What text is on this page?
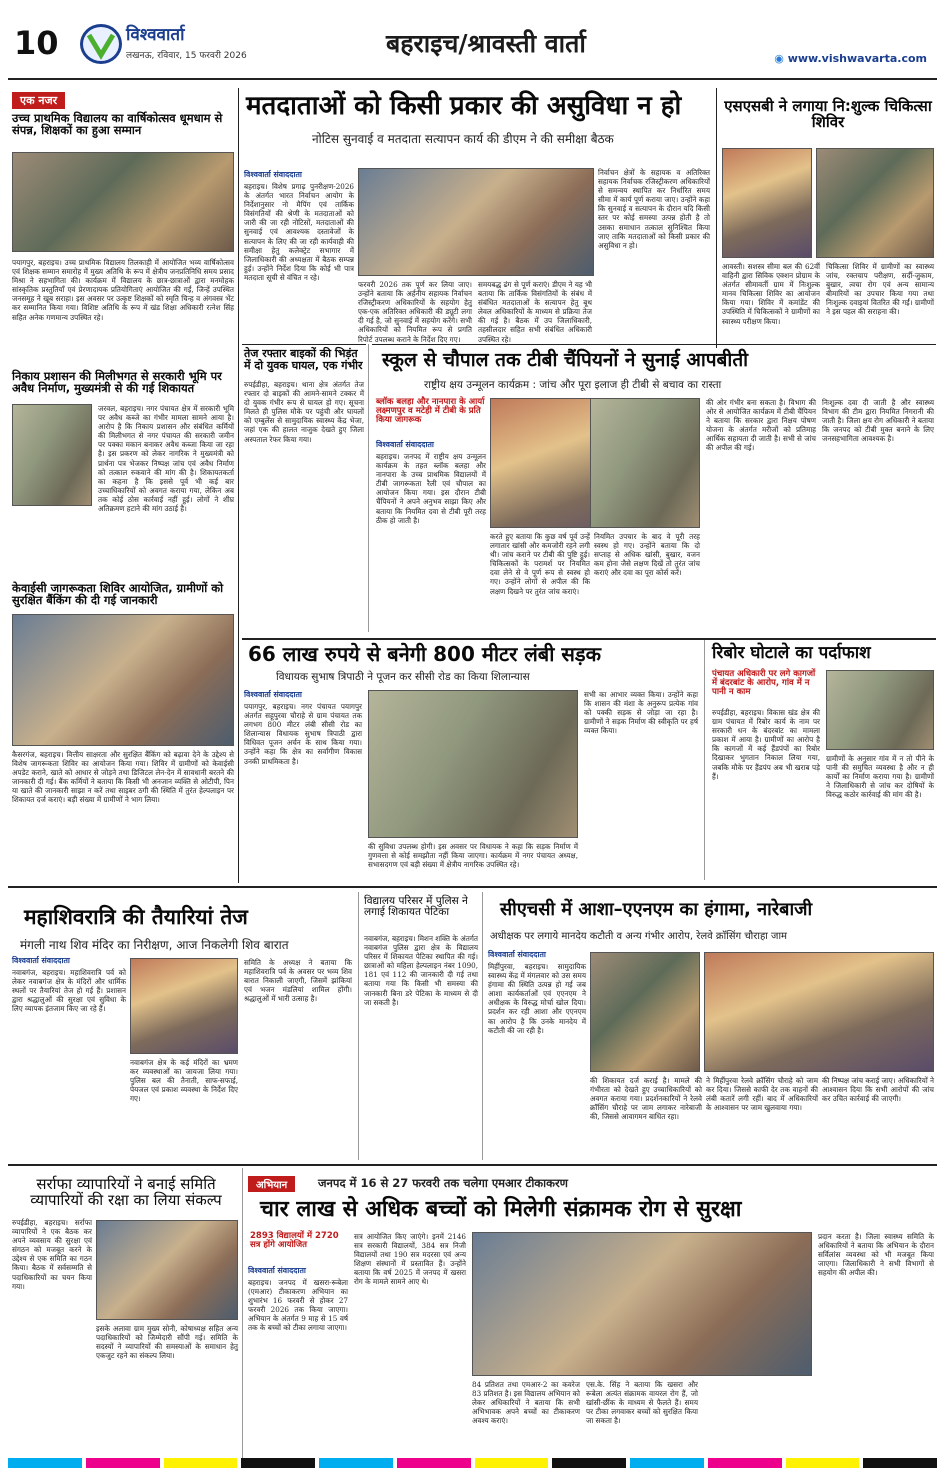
10	विश्ववार्ता
लखनऊ, रविवार, 15 फरवरी 2026	बहराइच/श्रावस्ती वार्ता
◉ www.vishwavarta.com
एक नजर
उच्च प्राथमिक विद्यालय का वार्षिकोत्सव धूमधाम से संपन्न, शिक्षकों का हुआ सम्मान
पयागपुर, बहराइच। उच्च प्राथमिक विद्यालय तिलकाही में आयोजित भव्य वार्षिकोत्सव एवं शिक्षक सम्मान समारोह में मुख्य अतिथि के रूप में क्षेत्रीय जनप्रतिनिधि समय प्रसाद मिश्रा ने सहभागिता की। कार्यक्रम में विद्यालय के छात्र-छात्राओं द्वारा मनमोहक सांस्कृतिक प्रस्तुतियाँ एवं प्रेरणादायक प्रतियोगिताएं आयोजित की गईं, जिन्हें उपस्थित जनसमूह ने खूब सराहा। इस अवसर पर उत्कृष्ट शिक्षकों को स्मृति चिन्ह व अंगवस्त्र भेंट कर सम्मानित किया गया। विशिष्ट अतिथि के रूप में खंड शिक्षा अधिकारी रत्नेश सिंह सहित अनेक गणमान्य उपस्थित रहे।
निकाय प्रशासन की मिलीभगत से सरकारी भूमि पर अवैध निर्माण, मुख्यमंत्री से की गई शिकायत
जरवल, बहराइच। नगर पंचायत क्षेत्र में सरकारी भूमि पर अवैध कब्जे का गंभीर मामला सामने आया है। आरोप है कि निकाय प्रशासन और संबंधित कर्मियों की मिलीभगत से नगर पंचायत की सरकारी जमीन पर पक्का मकान बनाकर अवैध कब्जा किया जा रहा है। इस प्रकरण को लेकर नागरिक ने मुख्यमंत्री को प्रार्थना पत्र भेजकर निष्पक्ष जांच एवं अवैध निर्माण को तत्काल रुकवाने की मांग की है। शिकायतकर्ता का कहना है कि इससे पूर्व भी कई बार उच्चाधिकारियों को अवगत कराया गया, लेकिन अब तक कोई ठोस कार्रवाई नहीं हुई। लोगों ने शीघ्र अतिक्रमण हटाने की मांग उठाई है।
केवाईसी जागरूकता शिविर आयोजित, ग्रामीणों को सुरक्षित बैंकिंग की दी गई जानकारी
कैसरगंज, बहराइच। वित्तीय साक्षरता और सुरक्षित बैंकिंग को बढ़ावा देने के उद्देश्य से विशेष जागरूकता शिविर का आयोजन किया गया। शिविर में ग्रामीणों को केवाईसी अपडेट कराने, खाते को आधार से जोड़ने तथा डिजिटल लेन-देन में सावधानी बरतने की जानकारी दी गई। बैंक कर्मियों ने बताया कि किसी भी अनजान व्यक्ति से ओटीपी, पिन या खाते की जानकारी साझा न करें तथा साइबर ठगी की स्थिति में तुरंत हेल्पलाइन पर शिकायत दर्ज कराएं। बड़ी संख्या में ग्रामीणों ने भाग लिया।
मतदाताओं को किसी प्रकार की असुविधा न हो
नोटिस सुनवाई व मतदाता सत्यापन कार्य की डीएम ने की समीक्षा बैठक
विश्ववार्ता संवाददाता
बहराइच। विशेष प्रगाढ़ पुनरीक्षण-2026 के अंतर्गत भारत निर्वाचन आयोग के निर्देशानुसार नो मैपिंग एवं तार्किक विसंगतियों की श्रेणी के मतदाताओं को जारी की जा रही नोटिसों, मतदाताओं की सुनवाई एवं आवश्यक दस्तावेजों के सत्यापन के लिए की जा रही कार्यवाही की समीक्षा हेतु कलेक्ट्रेट सभागार में जिलाधिकारी की अध्यक्षता में बैठक सम्पन्न हुई। उन्होंने निर्देश दिया कि कोई भी पात्र मतदाता सूची से वंचित न रहे।
फरवरी 2026 तक पूर्ण कर लिया जाए। उन्होंने बताया कि अर्हनीय सहायक निर्वाचन रजिस्ट्रीकरण अधिकारियों के सहयोग हेतु एक-एक अतिरिक्त अधिकारी की ड्यूटी लगा दी गई है, जो सुनवाई में सहयोग करेंगे। सभी अधिकारियों को नियमित रूप से प्रगति रिपोर्ट उपलब्ध कराने के निर्देश दिए गए।
समयबद्ध ढंग से पूर्ण कराएं। डीएम ने यह भी बताया कि तार्किक विसंगतियों के संबंध में संबंधित मतदाताओं के सत्यापन हेतु बूथ लेवल अधिकारियों के माध्यम से प्रक्रिया तेज की गई है। बैठक में उप जिलाधिकारी, तहसीलदार सहित सभी संबंधित अधिकारी उपस्थित रहे।
निर्वाचन क्षेत्रों के सहायक व अतिरिक्त सहायक निर्वाचक रजिस्ट्रीकरण अधिकारियों से समन्वय स्थापित कर निर्धारित समय सीमा में कार्य पूर्ण कराया जाए। उन्होंने कहा कि सुनवाई व सत्यापन के दौरान यदि किसी स्तर पर कोई समस्या उत्पन्न होती है तो उसका समाधान तत्काल सुनिश्चित किया जाए ताकि मतदाताओं को किसी प्रकार की असुविधा न हो।
एसएसबी ने लगाया नि:शुल्क चिकित्सा शिविर
आवस्ती। सशस्त्र सीमा बल की 62वीं वाहिनी द्वारा सिविक एक्शन प्रोग्राम के अंतर्गत सीमावर्ती ग्राम में निःशुल्क मानव चिकित्सा शिविर का आयोजन किया गया। शिविर में कमांडेंट की उपस्थिति में चिकित्सकों ने ग्रामीणों का स्वास्थ्य परीक्षण किया।
चिकित्सा शिविर में ग्रामीणों का स्वास्थ्य जांच, रक्तचाप परीक्षण, सर्दी-जुकाम, बुखार, त्वचा रोग एवं अन्य सामान्य बीमारियों का उपचार किया गया तथा निःशुल्क दवाइयां वितरित की गईं। ग्रामीणों ने इस पहल की सराहना की।
तेज रफ्तार बाइकों की भिड़ंत में दो युवक घायल, एक गंभीर
रुपईडीहा, बहराइच। थाना क्षेत्र अंतर्गत तेज रफ्तार दो बाइकों की आमने-सामने टक्कर में दो युवक गंभीर रूप से घायल हो गए। सूचना मिलते ही पुलिस मौके पर पहुंची और घायलों को एम्बुलेंस से सामुदायिक स्वास्थ्य केंद्र भेजा, जहां एक की हालत नाजुक देखते हुए जिला अस्पताल रेफर किया गया।
स्कूल से चौपाल तक टीबी चैंपियनों ने सुनाई आपबीती
राष्ट्रीय क्षय उन्मूलन कार्यक्रम : जांच और पूरा इलाज ही टीबी से बचाव का रास्ता
ब्लॉक बलहा और नानपारा के आर्या लक्ष्मणपुर व मटेही में टीबी के प्रति किया जागरूक
विश्ववार्ता संवाददाता
बहराइच। जनपद में राष्ट्रीय क्षय उन्मूलन कार्यक्रम के तहत ब्लॉक बलहा और नानपारा के उच्च प्राथमिक विद्यालयों में टीबी जागरूकता रैली एवं चौपाल का आयोजन किया गया। इस दौरान टीबी चैंपियनों ने अपने अनुभव साझा किए और बताया कि नियमित दवा से टीबी पूरी तरह ठीक हो जाती है।
करते हुए बताया कि कुछ वर्ष पूर्व उन्हें लगातार खांसी और कमजोरी रहने लगी थी। जांच कराने पर टीबी की पुष्टि हुई। चिकित्सकों के परामर्श पर नियमित दवा लेने से वे पूर्ण रूप से स्वस्थ हो गए। उन्होंने लोगों से अपील की कि लक्षण दिखने पर तुरंत जांच कराएं।
नियमित उपचार के बाद वे पूरी तरह स्वस्थ हो गए। उन्होंने बताया कि दो सप्ताह से अधिक खांसी, बुखार, वजन कम होना जैसे लक्षण दिखें तो तुरंत जांच कराएं और दवा का पूरा कोर्स करें।
की ओर गंभीर बना सकता है। विभाग की ओर से आयोजित कार्यक्रम में टीबी चैंपियन ने बताया कि सरकार द्वारा निक्षय पोषण योजना के अंतर्गत मरीजों को प्रतिमाह आर्थिक सहायता दी जाती है। सभी से जांच की अपील की गई।
निःशुल्क दवा दी जाती है और स्वास्थ्य विभाग की टीम द्वारा नियमित निगरानी की जाती है। जिला क्षय रोग अधिकारी ने बताया कि जनपद को टीबी मुक्त बनाने के लिए जनसहभागिता आवश्यक है।
66 लाख रुपये से बनेगी 800 मीटर लंबी सड़क
विधायक सुभाष त्रिपाठी ने पूजन कर सीसी रोड का किया शिलान्यास
विश्ववार्ता संवाददाता
पयागपुर, बहराइच। नगर पंचायत पयागपुर अंतर्गत सहूपुरवा चौराहे से ग्राम पंचायत तक लगभग 800 मीटर लंबी सीसी रोड का शिलान्यास विधायक सुभाष त्रिपाठी द्वारा विधिवत पूजन अर्चन के साथ किया गया। उन्होंने कहा कि क्षेत्र का सर्वांगीण विकास उनकी प्राथमिकता है।
की सुविधा उपलब्ध होगी। इस अवसर पर विधायक ने कहा कि सड़क निर्माण में गुणवत्ता से कोई समझौता नहीं किया जाएगा। कार्यक्रम में नगर पंचायत अध्यक्ष, सभासदगण एवं बड़ी संख्या में क्षेत्रीय नागरिक उपस्थित रहे।
सभी का आभार व्यक्त किया। उन्होंने कहा कि शासन की मंशा के अनुरूप प्रत्येक गांव को पक्की सड़क से जोड़ा जा रहा है। ग्रामीणों ने सड़क निर्माण की स्वीकृति पर हर्ष व्यक्त किया।
रिबोर घोटाले का पर्दाफाश
पंचायत अधिकारी पर लगे कागजों में बंदरबांट के आरोप, गांव में न पानी न काम
रुपईडीहा, बहराइच। विकास खंड क्षेत्र की ग्राम पंचायत में रिबोर कार्य के नाम पर सरकारी धन के बंदरबांट का मामला प्रकाश में आया है। ग्रामीणों का आरोप है कि कागजों में कई हैंडपंपों का रिबोर दिखाकर भुगतान निकाल लिया गया, जबकि मौके पर हैंडपंप अब भी खराब पड़े हैं।
ग्रामीणों के अनुसार गांव में न तो पीने के पानी की समुचित व्यवस्था है और न ही कार्यों का निर्माण कराया गया है। ग्रामीणों ने जिलाधिकारी से जांच कर दोषियों के विरुद्ध कठोर कार्रवाई की मांग की है।
महाशिवरात्रि की तैयारियां तेज
मंगली नाथ शिव मंदिर का निरीक्षण, आज निकलेगी शिव बारात
विश्ववार्ता संवाददाता
नवाबगंज, बहराइच। महाशिवरात्रि पर्व को लेकर नवाबगंज क्षेत्र के मंदिरों और धार्मिक स्थलों पर तैयारियां तेज हो गई हैं। प्रशासन द्वारा श्रद्धालुओं की सुरक्षा एवं सुविधा के लिए व्यापक इंतजाम किए जा रहे हैं।
नवाबगंज क्षेत्र के कई मंदिरों का भ्रमण कर व्यवस्थाओं का जायजा लिया गया। पुलिस बल की तैनाती, साफ-सफाई, पेयजल एवं प्रकाश व्यवस्था के निर्देश दिए गए।
समिति के अध्यक्ष ने बताया कि महाशिवरात्रि पर्व के अवसर पर भव्य शिव बारात निकाली जाएगी, जिसमें झांकियां एवं भजन मंडलियां शामिल होंगी। श्रद्धालुओं में भारी उत्साह है।
विद्यालय परिसर में पुलिस ने लगाई शिकायत पेटिका
नवाबगंज, बहराइच। मिशन शक्ति के अंतर्गत नवाबगंज पुलिस द्वारा क्षेत्र के विद्यालय परिसर में शिकायत पेटिका स्थापित की गई। छात्राओं को महिला हेल्पलाइन नंबर 1090, 181 एवं 112 की जानकारी दी गई तथा बताया गया कि किसी भी समस्या की जानकारी बिना डरे पेटिका के माध्यम से दी जा सकती है।
सीएचसी में आशा–एएनएम का हंगामा, नारेबाजी
अधीक्षक पर लगाये मानदेय कटौती व अन्य गंभीर आरोप, रेलवे क्रॉसिंग चौराहा जाम
विश्ववार्ता संवाददाता
मिहींपुरवा, बहराइच। सामुदायिक स्वास्थ्य केंद्र में मंगलवार को उस समय हंगामा की स्थिति उत्पन्न हो गई जब आशा कार्यकर्ताओं एवं एएनएम ने अधीक्षक के विरुद्ध मोर्चा खोल दिया। प्रदर्शन कर रही आशा और एएनएम का आरोप है कि उनके मानदेय में कटौती की जा रही है।
की शिकायत दर्ज कराई है। मामले की गंभीरता को देखते हुए उच्चाधिकारियों को अवगत कराया गया। प्रदर्शनकारियों ने रेलवे क्रॉसिंग चौराहे पर जाम लगाकर नारेबाजी की, जिससे आवागमन बाधित रहा।
ने मिहींपुरवा रेलवे क्रॉसिंग चौराहे को जाम कर दिया। जिससे काफी देर तक वाहनों की लंबी कतारें लगी रहीं। बाद में अधिकारियों के आश्वासन पर जाम खुलवाया गया।
की निष्पक्ष जांच कराई जाए। अधिकारियों ने आश्वासन दिया कि सभी आरोपों की जांच कर उचित कार्रवाई की जाएगी।
सर्राफा व्यापारियों ने बनाई समिति व्यापारियों की रक्षा का लिया संकल्प
रुपईडीहा, बहराइच। सर्राफा व्यापारियों ने एक बैठक कर अपने व्यवसाय की सुरक्षा एवं संगठन को मजबूत करने के उद्देश्य से एक समिति का गठन किया। बैठक में सर्वसम्मति से पदाधिकारियों का चयन किया गया।
इसके अलावा ग्राम मुख्य सोनी, कोषाध्यक्ष सहित अन्य पदाधिकारियों को जिम्मेदारी सौंपी गई। समिति के सदस्यों ने व्यापारियों की समस्याओं के समाधान हेतु एकजुट रहने का संकल्प लिया।
अभियान	जनपद में 16 से 27 फरवरी तक चलेगा एमआर टीकाकरण
चार लाख से अधिक बच्चों को मिलेगी संक्रामक रोग से सुरक्षा
2893 विद्यालयों में 2720 सत्र होंगे आयोजित
विश्ववार्ता संवाददाता
बहराइच। जनपद में खसरा-रूबेला (एमआर) टीकाकरण अभियान का शुभारंभ 16 फरवरी से होकर 27 फरवरी 2026 तक किया जाएगा। अभियान के अंतर्गत 9 माह से 15 वर्ष तक के बच्चों को टीका लगाया जाएगा।
सत्र आयोजित किए जाएंगे। इनमें 2146 सत्र सरकारी विद्यालयों, 384 सत्र निजी विद्यालयों तथा 190 सत्र मदरसा एवं अन्य शिक्षण संस्थानों में प्रस्तावित हैं। उन्होंने बताया कि वर्ष 2025 में जनपद में खसरा रोग के मामले सामने आए थे।
84 प्रतिशत तथा एमआर-2 का कवरेज 83 प्रतिशत है। इस विद्यालय अभियान को लेकर अधिकारियों ने बताया कि सभी अभिभावक अपने बच्चों का टीकाकरण अवश्य कराएं।
एस.के. सिंह ने बताया कि खसरा और रूबेला अत्यंत संक्रामक वायरल रोग हैं, जो खांसी-छींक के माध्यम से फैलते हैं। समय पर टीका लगवाकर बच्चों को सुरक्षित किया जा सकता है।
प्रदान करता है। जिला स्वास्थ्य समिति के अधिकारियों ने बताया कि अभियान के दौरान सर्विलांस व्यवस्था को भी मजबूत किया जाएगा। जिलाधिकारी ने सभी विभागों से सहयोग की अपील की।
